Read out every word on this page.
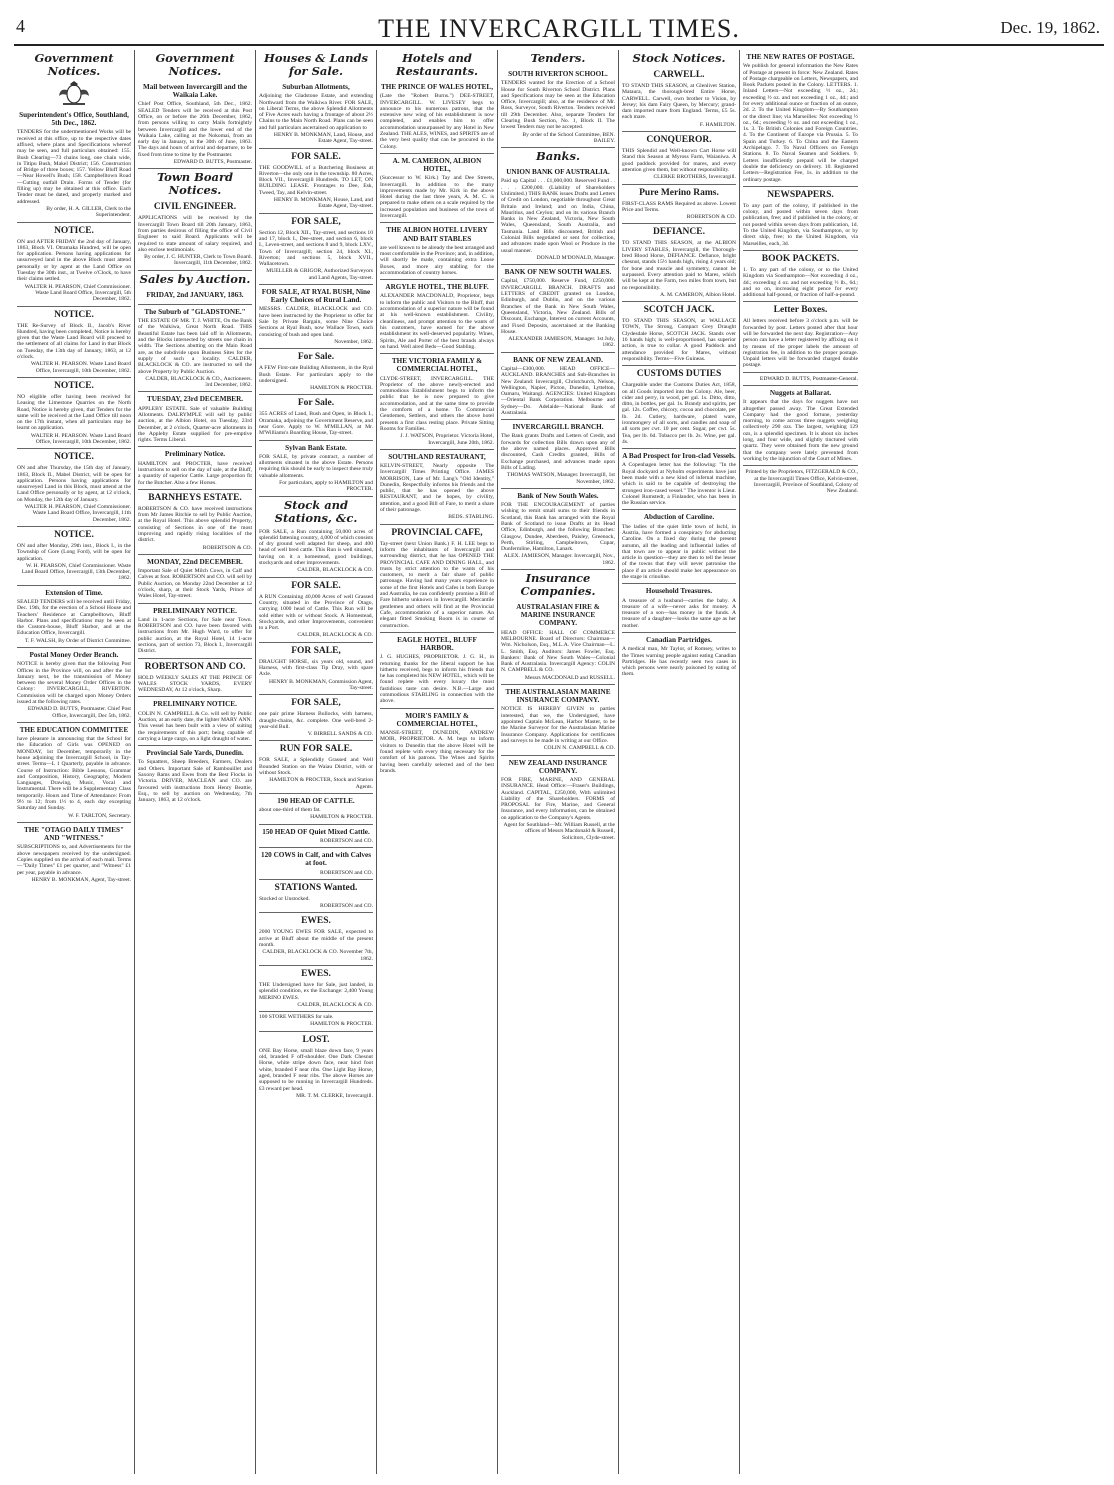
4	THE INVERCARGILL TIMES.	Dec. 19, 1862.
Government Notices.
Superintendent's Office, Southland, 5th Dec., 1862.
TENDERS for the undermentioned Works will be received at this office, up to the respective dates affixed, where plans and Specifications whereof may be seen, and full particulars obtained: 155. Bush Clearing—73 chains long, one chain wide, in Titipu Bush, Makel District; 156. Construction of Bridge of three boxes; 157. Yellow Bluff Road—Near Howell's Bush; 158. Campbelltown Road—Cutting outfall Drain. Forms of Tender (for filling up) may be obtained at this office. Each Tender must be dated, and properly marked and addressed.
By order, H. A. GILLER, Clerk to the Superintendent.
NOTICE.
ON and AFTER FRIDAY the 2nd day of January, 1863, Block VI. Otramaka Hundred, will be open for application. Persons having applications for unsurveyed land in the above Block must attend personally or by agent at the Land Office on Tuesday the 30th inst., at Twelve o'Clock, to have their claims settled.
WALTER H. PEARSON, Chief Commissioner. Waste Land Board Office, Invercargill, 5th December, 1862.
NOTICE.
THE Re-Survey of Block II., Jacob's River Hundred, having been completed, Notice is hereby given that the Waste Land Board will proceed to the settlement of all claims for Land in that Block on Tuesday, the 13th day of January, 1863, at 12 o'clock.
WALTER H. PEARSON. Waste Land Board Office, Invercargill, 10th December, 1862.
NOTICE.
NO eligible offer having been received for Leasing the Limestone Quarries on the North Road, Notice is hereby given, that Tenders for the same will be received at the Land Office till noon on the 17th instant, when all particulars may be learnt on application.
WALTER H. PEARSON. Waste Land Board Office, Invercargill, 10th December, 1862.
NOTICE.
ON and after Thursday, the 15th day of January, 1863, Block II., Mabel District, will be open for application. Persons having applications for unsurveyed Land in this Block, must attend at the Land Office personally or by agent, at 12 o'clock, on Monday, the 12th day of January.
WALTER H. PEARSON, Chief Commissioner. Waste Land Board Office, Invercargill, 11th December, 1862.
NOTICE.
ON and after Monday, 29th inst., Block I., in the Township of Gore (Long Ford), will be open for application.
W. H. PEARSON, Chief Commissioner. Waste Land Board Office, Invercargill, 13th December, 1862.
Extension of Time.
SEALED TENDERS will be received until Friday, Dec. 19th, for the erection of a School House and Teachers' Residence at Campbelltown, Bluff Harbor. Plans and specifications may be seen at the Custom-house, Bluff Harbor, and at the Education Office, Invercargill.
T. F. WALSH, By Order of District Committee.
Postal Money Order Branch.
NOTICE is hereby given that the following Post Offices in the Province will, on and after the 1st January next, be the transmission of Money between the several Money Order Offices in the Colony: INVERCARGILL, RIVERTON. Commission will be charged upon Money Orders issued at the following rates.
EDWARD D. BUTTS, Postmaster. Chief Post Office, Invercargill, Dec 5th, 1862.
THE EDUCATION COMMITTEE
have pleasure in announcing that the School for the Education of Girls was OPENED on MONDAY, 1st December, temporarily in the house adjoining the Invercargill School, in Tay-street. Terms—L 1 Quarterly, payable in advance. Course of Instruction: Bible Lessons, Grammar and Composition, History, Geography, Modern Languages, Drawing, Music, Vocal and Instrumental. There will be a Supplementary Class temporarily. Hours and Time of Attendance: From 9½ to 12; from 1½ to 4, each day excepting Saturday and Sunday.
W. F. TARLTON, Secretary.
THE "OTAGO DAILY TIMES" AND "WITNESS."
SUBSCRIPTIONS to, and Advertisements for the above newspapers received by the undersigned. Copies supplied on the arrival of each mail. Terms—"Daily Times" £1 per quarter, and "Witness" £1 per year, payable in advance.
HENRY B. MONKMAN, Agent, Tay-street.
Government Notices.
Mail between Invercargill and the Waikaia Lake.
Chief Post Office, Southland, 5th Dec., 1862. SEALED Tenders will be received at this Post Office, on or before the 26th December, 1862, from persons willing to carry Mails fortnightly between Invercargill and the lower end of the Waikaia Lake, calling at the Nokomai, from an early day in January, to the 30th of June, 1863. The days and hours of arrival and departure, to be fixed from time to time by the Postmaster.
EDWARD D. BUTTS, Postmaster.
Town Board Notices.
CIVIL ENGINEER.
APPLICATIONS will be received by the Invercargill Town Board till 20th January, 1863, from parties desirous of filling the office of Civil Engineer to said Board. Applicants will be required to state amount of salary required, and also enclose testimonials.
By order, J. C. HUNTER, Clerk to Town Board. Invercargill, 11th December, 1862.
Sales by Auction.
FRIDAY, 2nd JANUARY, 1863.
The Suburb of "GLADSTONE."
THE ESTATE OF MR. T. J. WHITE, On the Bank of the Waikiwa, Great North Road. THIS Beautiful Estate has been laid off in Allotments, and the Blocks intersected by streets one chain in width. The Sections abutting on the Main Road are, as the subdivide upon Business Sites for the supply of such a locality. CALDER, BLACKLOCK & CO. are instructed to sell the above Property by Public Auction.
CALDER, BLACKLOCK & CO., Auctioneers. 3rd December, 1862.
TUESDAY, 23rd DECEMBER.
APPLEBY ESTATE. Sale of valuable Building Allotments. DALRYMPLE will sell by public auction, at the Albion Hotel, on Tuesday, 23rd December, at 2 o'clock, Quarter-acre allotments in the Appleby Estate supplied for pre-emptive rights. Terms Liberal.
Preliminary Notice.
HAMILTON and PROCTER, have received instructions to sell on the day of sale, at the Bluff, a quantity of superior Cattle. Large proportion fit for the Butcher. Also a few Horses.
BARNHEYS ESTATE.
ROBERTSON & CO. have received instructions from Mr James Ritchie to sell by Public Auction, at the Royal Hotel. This above splendid Property, consisting of Sections in one of the most improving and rapidly rising localities of the district.
ROBERTSON & CO.
MONDAY, 22nd DECEMBER.
Important Sale of Quiet Milch Cows, in Calf and Calves at foot. ROBERTSON and CO. will sell by Public Auction, on Monday 22nd December at 12 o'clock, sharp, at their Stock Yards, Prince of Wales Hotel, Tay-street.
PRELIMINARY NOTICE.
Land in 1-acre Sections, for Sale near Town. ROBERTSON and CO. have been favored with instructions from Mr. Hugh Ward, to offer for public auction, at the Royal Hotel, 14 1-acre sections, part of section 73, Block I., Invercargill District.
ROBERTSON AND CO.
HOLD WEEKLY SALES AT THE PRINCE OF WALES STOCK YARDS, EVERY WEDNESDAY, At 12 o'clock, Sharp.
PRELIMINARY NOTICE.
COLIN N. CAMPBELL & Co. will sell by Public Auction, at an early date, the lighter MARY ANN. This vessel has been built with a view of suiting the requirements of this port; being capable of carrying a large cargo, on a light draught of water.
Provincial Sale Yards, Dunedin.
To Squatters, Sheep Breeders, Farmers, Dealers and Others. Important Sale of Rambouillet and Saxony Rams and Ewes from the Best Flocks in Victoria. DRIVER, MACLEAN and CO. are favoured with instructions from Henry Beattie, Esq., to sell by auction on Wednesday, 7th January, 1863, at 12 o'clock.
Houses & Lands for Sale.
Suburban Allotments,
Adjoining the Gladstone Estate, and extending Northward from the Waikiwa River. FOR SALE, on Liberal Terms, the above Splendid Allotments of Five Acres each having a frontage of about 2½ Chains to the Main North Road. Plans can be seen and full particulars ascertained on application to
HENRY B. MONKMAN, Land, House, and Estate Agent, Tay-street.
FOR SALE.
THE GOODWILL of a Butchering Business at Riverton—the only one in the township. 80 Acres, Block VII., Invercargill Hundreds. TO LET, ON BUILDING LEASE. Frontages to Dee, Esk, Tweed, Tay, and Kelvin-street.
HENRY B. MONKMAN, House, Land, and Estate Agent, Tay-street.
FOR SALE,
Section 12, Block XII., Tay-street, and sections 10 and 17, block I., Dee-street, and section 6, block I., Leven-street, and sections 8 and 9, block LXV., Town of Invercargill; section 24, block XI., Riverton; and sections 5, block XVII., Wallacetown.
MUELLER & GRIGOR, Authorized Surveyors and Land Agents, Tay-street.
FOR SALE, AT RYAL BUSH, Nine Early Choices of Rural Land.
MESSRS. CALDER, BLACKLOCK and CO. have been instructed by the Proprietor to offer for Sale by Private Bargain, some Nine Choice Sections at Ryal Bush, now Wallace Town, each consisting of bush and open land.
November, 1862.
For Sale.
A FEW First-rate Building Allotments, in the Ryal Bush Estate. For particulars apply to the undersigned.
HAMILTON & PROCTER.
For Sale.
355 ACRES of Land, Bush and Open, in Block I., Otramaka, adjoining the Government Reserve, and near Gore. Apply to W. M'MILLAN, at Mr. M'Williams's Boarding House, Tay-street.
Sylvan Bank Estate.
FOR SALE, by private contract, a number of allotments situated in the above Estate. Persons requiring this should be early to inspect these truly valuable allotments.
For particulars, apply to HAMILTON and PROCTER.
Stock and Stations, &c.
FOR SALE, a Run containing 50,000 acres of splendid fattening country, 4,000 of which consists of dry ground well adapted for sheep, and 400 head of well bred cattle. This Run is well situated, having on it a homestead, good buildings, stockyards and other improvements.
CALDER, BLACKLOCK & CO.
FOR SALE.
A RUN Containing 40,000 Acres of well Grassed Country, situated in the Province of Otago, carrying 1000 head of Cattle. This Run will be sold either with or without Stock. A Homestead, Stockyards, and other Improvements, convenient to a Port.
CALDER, BLACKLOCK & CO.
FOR SALE,
DRAUGHT HORSE, six years old, sound, and Harness, with first-class Tip Dray, with spare Axle.
HENRY B. MONKMAN, Commission Agent, Tay-street.
FOR SALE,
one pair prime Harness Bullocks, with harness, draught-chains, &c. complete. One well-bred 2-year-old Bull.
V. BIRRELL SANDS & CO.
RUN FOR SALE.
FOR SALE, a Splendidly Grassed and Well Bounded Station on the Waiau District, with or without Stock.
HAMILTON & PROCTER, Stock and Station Agents.
190 HEAD OF CATTLE.
about one-third of them fat.
HAMILTON & PROCTER.
150 HEAD OF Quiet Mixed Cattle.
ROBERTSON and CO.
120 COWS in Calf, and with Calves at foot.
ROBERTSON and CO.
STATIONS Wanted.
Stocked or Unstocked.
ROBERTSON and CO.
EWES.
2000 YOUNG EWES FOR SALE, expected to arrive at Bluff about the middle of the present month.
CALDER, BLACKLOCK & CO. November 7th, 1862.
EWES.
THE Undersigned have for Sale, just landed, in splendid condition, ex the Exchange: 2,400 Young MERINO EWES.
CALDER, BLACKLOCK & CO.
100 STORE WETHERS for sale.
HAMILTON & PROCTER.
LOST.
ONE Bay Horse, small blaze down face, 9 years old, branded F off-shoulder. One Dark Chesnut Horse, white stripe down face, near hind foot white, branded F near ribs. One Light Bay Horse, aged, branded F near ribs. The above Horses are supposed to be running in Invercargill Hundreds. £3 reward per head.
MR. T. M. CLERKE, Invercargill.
Hotels and Restaurants.
THE PRINCE OF WALES HOTEL,
(Late the "Robert Burns.") DEE-STREET, INVERCARGILL. W. LIVESEY begs to announce to his numerous patrons, that the extensive new wing of his establishment is now completed, and enables him to offer accommodation unsurpassed by any Hotel in New Zealand. THE ALES, WINES, and SPIRITS are of the very best quality that can be procured in the Colony.
A. M. CAMERON, ALBION HOTEL,
(Successor to W. Kirk.) Tay and Dee Streets, Invercargill. In addition to the many improvements made by Mr. Kirk in the above Hotel during the last three years, A. M. C. is prepared to make others on a scale required by the increased population and business of the town of Invercargill.
THE ALBION HOTEL LIVERY AND BAIT STABLES
are well known to be already the best arranged and most comfortable in the Province; and, in addition, will shortly be made, containing extra Loose Boxes, and more airy stabling for the accommodation of country horses.
ARGYLE HOTEL, THE BLUFF.
ALEXANDER MACDONALD, Proprietor, begs to inform the public and Visitors to the Bluff, that accommodation of a superior nature will be found at his well-known establishment. Civility, cleanliness, and prompt attention to the wants of his customers, have earned for the above establishment its well-deserved popularity. Wines, Spirits, Ale and Porter of the best brands always on hand. Well aired Beds—Good Stabling.
THE VICTORIA FAMILY & COMMERCIAL HOTEL,
CLYDE-STREET, INVERCARGILL. THE Proprietor of the above newly-erected and commodious Establishment begs to inform the public that he is now prepared to give accommodation, and at the same time to provide the comforts of a home. To Commercial Gentlemen, Settlers, and others the above hotel presents a first class resting place. Private Sitting Rooms for Families.
J. J. WATSON, Proprietor. Victoria Hotel, Invercargill, June 20th, 1862.
SOUTHLAND RESTAURANT,
KELVIN-STREET, Nearly opposite The Invercargill Times Printing Office. JAMES MORRISON, Late of Mr. Lang's "Old Identity," Dunedin, Respectfully informs his friends and the public, that he has opened the above RESTAURANT, and he hopes, by civility, attention, and a good Bill of Fare, to merit a share of their patronage.
BEDS. STABLING.
PROVINCIAL CAFE,
Tay-street (next Union Bank.) F. H. LEE begs to inform the inhabitants of Invercargill and surrounding district, that he has OPENED THE PROVINCIAL CAFE AND DINING HALL, and trusts by strict attention to the wants of his customers, to merit a fair share of public patronage. Having had many years experience in some of the first Hotels and Cafes in both Europe and Australia, he can confidently promise a Bill of Fare hitherto unknown in Invercargill. Mercantile gentlemen and others will find at the Provincial Cafe, accommodation of a superior nature. An elegant fitted Smoking Room is in course of construction.
EAGLE HOTEL, BLUFF HARBOR.
J. G. HUGHES, PROPRIETOR. J. G. H., in returning thanks for the liberal support he has hitherto received, begs to inform his friends that he has completed his NEW HOTEL, which will be found replete with every luxury the most fastidious taste can desire. N.B.—Large and commodious STABLING in connection with the above.
MOIR'S FAMILY & COMMERCIAL HOTEL,
MANSE-STREET, DUNEDIN, ANDREW MOIR, PROPRIETOR. A. M. begs to inform visitors to Dunedin that the above Hotel will be found replete with every thing necessary for the comfort of his patrons. The Wines and Spirits having been carefully selected and of the best brands.
Tenders.
SOUTH RIVERTON SCHOOL.
TENDERS wanted for the Erection of a School House for South Riverton School District. Plans and Specifications may be seen at the Education Office, Invercargill; also, at the residence of Mr. Ross, Surveyor, South Riverton. Tenders received till 29th December. Also, separate Tenders for Clearing Bush Section, No. 1, Block II. The lowest Tenders may not be accepted.
By order of the School Committee, BEN. BAILEY.
Banks.
UNION BANK OF AUSTRALIA.
Paid up Capital . . . £1,000,000. Reserved Fund . . . . . £200,000. (Liability of Shareholders Unlimited.) THIS BANK issues Drafts and Letters of Credit on London, negotiable throughout Great Britain and Ireland; and on India, China, Mauritius, and Ceylon; and on its various Branch Banks in New Zealand, Victoria, New South Wales, Queensland, South Australia, and Tasmania. Land Bills discounted, British and Colonial Bills negotiated or sent for collection, and advances made upon Wool or Produce in the usual manner.
DONALD M'DONALD, Manager.
BANK OF NEW SOUTH WALES.
Capital, £750,000. Reserve Fund, £250,000. INVERCARGILL BRANCH. DRAFTS and LETTERS of CREDIT granted on London, Edinburgh, and Dublin, and on the various Branches of the Bank in New South Wales, Queensland, Victoria, New Zealand. Bills of Discount, Exchange, Interest on current Accounts, and Fixed Deposits, ascertained at the Banking House.
ALEXANDER JAMIESON, Manager. 1st July, 1862.
BANK OF NEW ZEALAND.
Capital—£300,000. HEAD OFFICE—AUCKLAND. BRANCHES and Sub-Branches in New Zealand: Invercargill, Christchurch, Nelson, Wellington, Napier, Picton, Dunedin, Lyttelton, Oamaru, Waitangi. AGENCIES: United Kingdom—Oriental Bank Corporation. Melbourne and Sydney—Do. Adelaide—National Bank of Australasia.
INVERCARGILL BRANCH.
The Bank grants Drafts and Letters of Credit, and forwards for collection Bills drawn upon any of the above named places. Approved Bills discounted, Cash Credits granted, Bills of Exchange purchased, and advances made upon Bills of Lading.
THOMAS WATSON, Manager. Invercargill, 1st November, 1862.
Bank of New South Wales.
FOR THE ENCOURAGEMENT of parties wishing to remit small sums to their friends in Scotland, this Bank has arranged with the Royal Bank of Scotland to issue Drafts at its Head Office, Edinburgh, and the following Branches: Glasgow, Dundee, Aberdeen, Paisley, Greenock, Perth, Stirling, Campbeltown, Cupar, Dunfermline, Hamilton, Lanark.
ALEX. JAMIESON, Manager. Invercargill, Nov., 1862.
Insurance Companies.
AUSTRALASIAN FIRE & MARINE INSURANCE COMPANY.
HEAD OFFICE: HALL OF COMMERCE MELBOURNE. Board of Directors: Chairman—Wm. Nicholson, Esq., M.L.A. Vice Chairman—L. L. Smith, Esq. Auditors: James Fowler, Esq. Bankers: Bank of New South Wales—Colonial Bank of Australasia. Invercargill Agency: COLIN N. CAMPBELL & CO.
Messrs MACDONALD and RUSSELL.
THE AUSTRALASIAN MARINE INSURANCE COMPANY.
NOTICE IS HEREBY GIVEN to parties interested, that we, the Undersigned, have appointed Captain McLean, Harbor Master, to be the Marine Surveyor for the Australasian Marine Insurance Company. Applications for certificates and surveys to be made in writing at our Office.
COLIN N. CAMPBELL & CO.
NEW ZEALAND INSURANCE COMPANY.
FOR FIRE, MARINE, AND GENERAL INSURANCE. Head Office:—Fraser's Buildings, Auckland. CAPITAL, £250,000, With unlimited Liability of the Shareholders. FORMS of PROPOSAL for Fire, Marine, and General Insurance, and every information, can be obtained on application to the Company's Agents.
Agent for Southland—Mr. William Russell, at the offices of Messrs Macdonald & Russell, Solicitors, Clyde-street.
Stock Notices.
CARWELL.
TO STAND THIS SEASON, at Glenlivet Station, Mataura, the thorough-bred Entire Horse, CARWELL. Carwell, own brother to Vision, by Jersey; his dam Fairy Queen, by Mercury; grand-dam imported mare from England. Terms, £5 5s. each mare.
F. HAMILTON.
CONQUEROR.
THIS Splendid and Well-known Cart Horse will Stand this Season at Myross Farm, Waianiwa. A good paddock provided for mares, and every attention given them, but without responsibility.
CLERKE BROTHERS, Invercargill.
Pure Merino Rams.
FIRST-CLASS RAMS Required as above. Lowest Price and Terms.
ROBERTSON & CO.
DEFIANCE.
TO STAND THIS SEASON, at the ALBION LIVERY STABLES, Invercargill, the Thorough-bred Blood Horse, DEFIANCE. Defiance, bright chesnut, stands 15½ hands high, rising 4 years old; for bone and muscle and symmetry, cannot be surpassed. Every attention paid to Mares, which will be kept at the Farm, two miles from town, but no responsibility.
A. M. CAMERON, Albion Hotel.
SCOTCH JACK.
TO STAND THIS SEASON, at WALLACE TOWN, The Strong, Compact Grey Draught Clydesdale Horse, SCOTCH JACK. Stands over 16 hands high; is well-proportioned, has superior action, is true to collar. A good Paddock and attendance provided for Mares, without responsibility. Terms—Five Guineas.
CUSTOMS DUTIES
Chargeable under the Customs Duties Act, 1858, on all Goods imported into the Colony. Ale, beer, cider and perry, in wood, per gal. 1s. Ditto, ditto, ditto, in bottles, per gal. 1s. Brandy and spirits, per gal. 12s. Coffee, chicory, cocoa and chocolate, per lb. 2d. Cutlery, hardware, plated ware, ironmongery of all sorts, and candles and soap of all sorts per cwt. 10 per cent. Sugar, per cwt. 5s. Tea, per lb. 6d. Tobacco per lb. 2s. Wine, per gal. 4s.
A Bad Prospect for Iron-clad Vessels.
A Copenhagen letter has the following: "In the Royal dockyard at Nyholm experiments have just been made with a new kind of infernal machine, which is said to be capable of destroying the strongest iron-cased vessel." The inventor is Lieut. Colonel Rumstedt, a Finlander, who has been in the Russian service.
Abduction of Caroline.
The ladies of the quiet little town of Ischl, in Austria, have formed a conspiracy for abducting Caroline. On a fixed day during the present autumn, all the leading and influential ladies of that town are to appear in public without the article in question—they are then to tell the lesser of the towns that they will never patronise the place if an article should make her appearance on the stage in crinoline.
Household Treasures.
A treasure of a husband—carries the baby. A treasure of a wife—never asks for money. A treasure of a son—has money in the funds. A treasure of a daughter—looks the same age as her mother.
Canadian Partridges.
A medical man, Mr Taylor, of Romsey, writes to the Times warning people against eating Canadian Partridges. He has recently seen two cases in which persons were nearly poisoned by eating of them.
THE NEW RATES OF POSTAGE.
We publish for general information the New Rates of Postage at present in force: New Zealand. Rates of Postage chargeable on Letters, Newspapers, and Book Packets posted in the Colony. LETTERS. 1. Inland Letters—Not exceeding ½ oz., 2d.; exceeding ½ oz. and not exceeding 1 oz., 4d.; and for every additional ounce or fraction of an ounce, 2d. 2. To the United Kingdom—By Southampton or the direct line; via Marseilles: Not exceeding ½ oz., 6d.; exceeding ½ oz. and not exceeding 1 oz., 1s. 3. To British Colonies and Foreign Countries. 4. To the Continent of Europe via Prussia. 5. To Spain and Turkey. 6. To China and the Eastern Archipelago. 7. To Naval Officers on Foreign Stations. 8. To Naval Seamen and Soldiers. 9. Letters insufficiently prepaid will be charged double the deficiency on delivery. 10. Registered Letters—Registration Fee, 1s. in addition to the ordinary postage.
NEWSPAPERS.
To any part of the colony, if published in the colony, and posted within seven days from publication, free; and if published in the colony, or not posted within seven days from publication, 1d. To the United Kingdom, via Southampton, or by direct ship, free; to the United Kingdom, via Marseilles, each, 3d.
BOOK PACKETS.
1. To any part of the colony, or to the United Kingdom via Southampton—Not exceeding 4 oz., 4d.; exceeding 4 oz. and not exceeding ½ lb., 6d.; and so on, increasing eight pence for every additional half-pound, or fraction of half-a-pound.
Letter Boxes.
All letters received before 3 o'clock p.m. will be forwarded by post. Letters posted after that hour will be forwarded the next day. Registration—Any person can have a letter registered by affixing on it by means of the proper labels the amount of registration fee, in addition to the proper postage. Unpaid letters will be forwarded charged double postage.
EDWARD D. BUTTS, Postmaster-General.
Nuggets at Ballarat.
It appears that the days for nuggets have not altogether passed away. The Great Extended Company had the good fortune, yesterday morning, to come across three nuggets weighing collectively 290 ozs. The largest, weighing 129 ozs, is a splendid specimen. It is about six inches long, and four wide, and slightly tinctured with quartz. They were obtained from the new ground that the company were lately prevented from working by the injunction of the Court of Mines.
Printed by the Proprietors, FITZGERALD & CO., at the Invercargill Times Office, Kelvin-street, Invercargill, Province of Southland, Colony of New Zealand.
